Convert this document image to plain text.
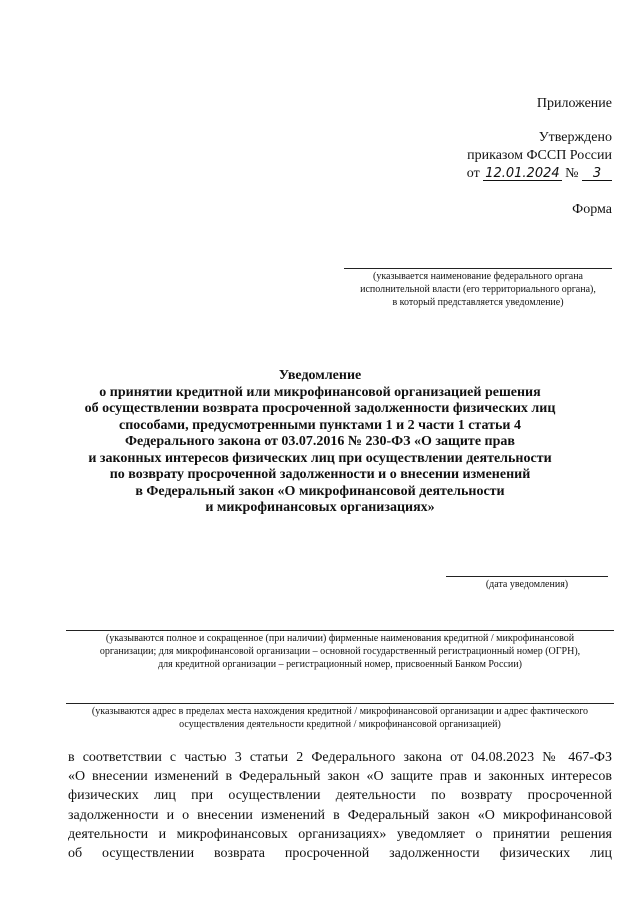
Приложение
Утверждено
приказом ФССП России
от 12.01.2024 № 3
Форма
(указывается наименование федерального органа
исполнительной власти (его территориального органа),
в который представляется уведомление)
Уведомление
о принятии кредитной или микрофинансовой организацией решения
об осуществлении возврата просроченной задолженности физических лиц
способами, предусмотренными пунктами 1 и 2 части 1 статьи 4
Федерального закона от 03.07.2016 № 230-ФЗ «О защите прав
и законных интересов физических лиц при осуществлении деятельности
по возврату просроченной задолженности и о внесении изменений
в Федеральный закон «О микрофинансовой деятельности
и микрофинансовых организациях»
(дата уведомления)
(указываются полное и сокращенное (при наличии) фирменные наименования кредитной / микрофинансовой
организации; для микрофинансовой организации – основной государственный регистрационный номер (ОГРН),
для кредитной организации – регистрационный номер, присвоенный Банком России)
(указываются адрес в пределах места нахождения кредитной / микрофинансовой организации и адрес фактического
осуществления деятельности кредитной / микрофинансовой организацией)
в соответствии с частью 3 статьи 2 Федерального закона от 04.08.2023 № 467-ФЗ
«О внесении изменений в Федеральный закон «О защите прав и законных интересов
физических лиц при осуществлении деятельности по возврату просроченной
задолженности и о внесении изменений в Федеральный закон «О микрофинансовой
деятельности и микрофинансовых организациях» уведомляет о принятии решения
об осуществлении возврата просроченной задолженности физических лиц
